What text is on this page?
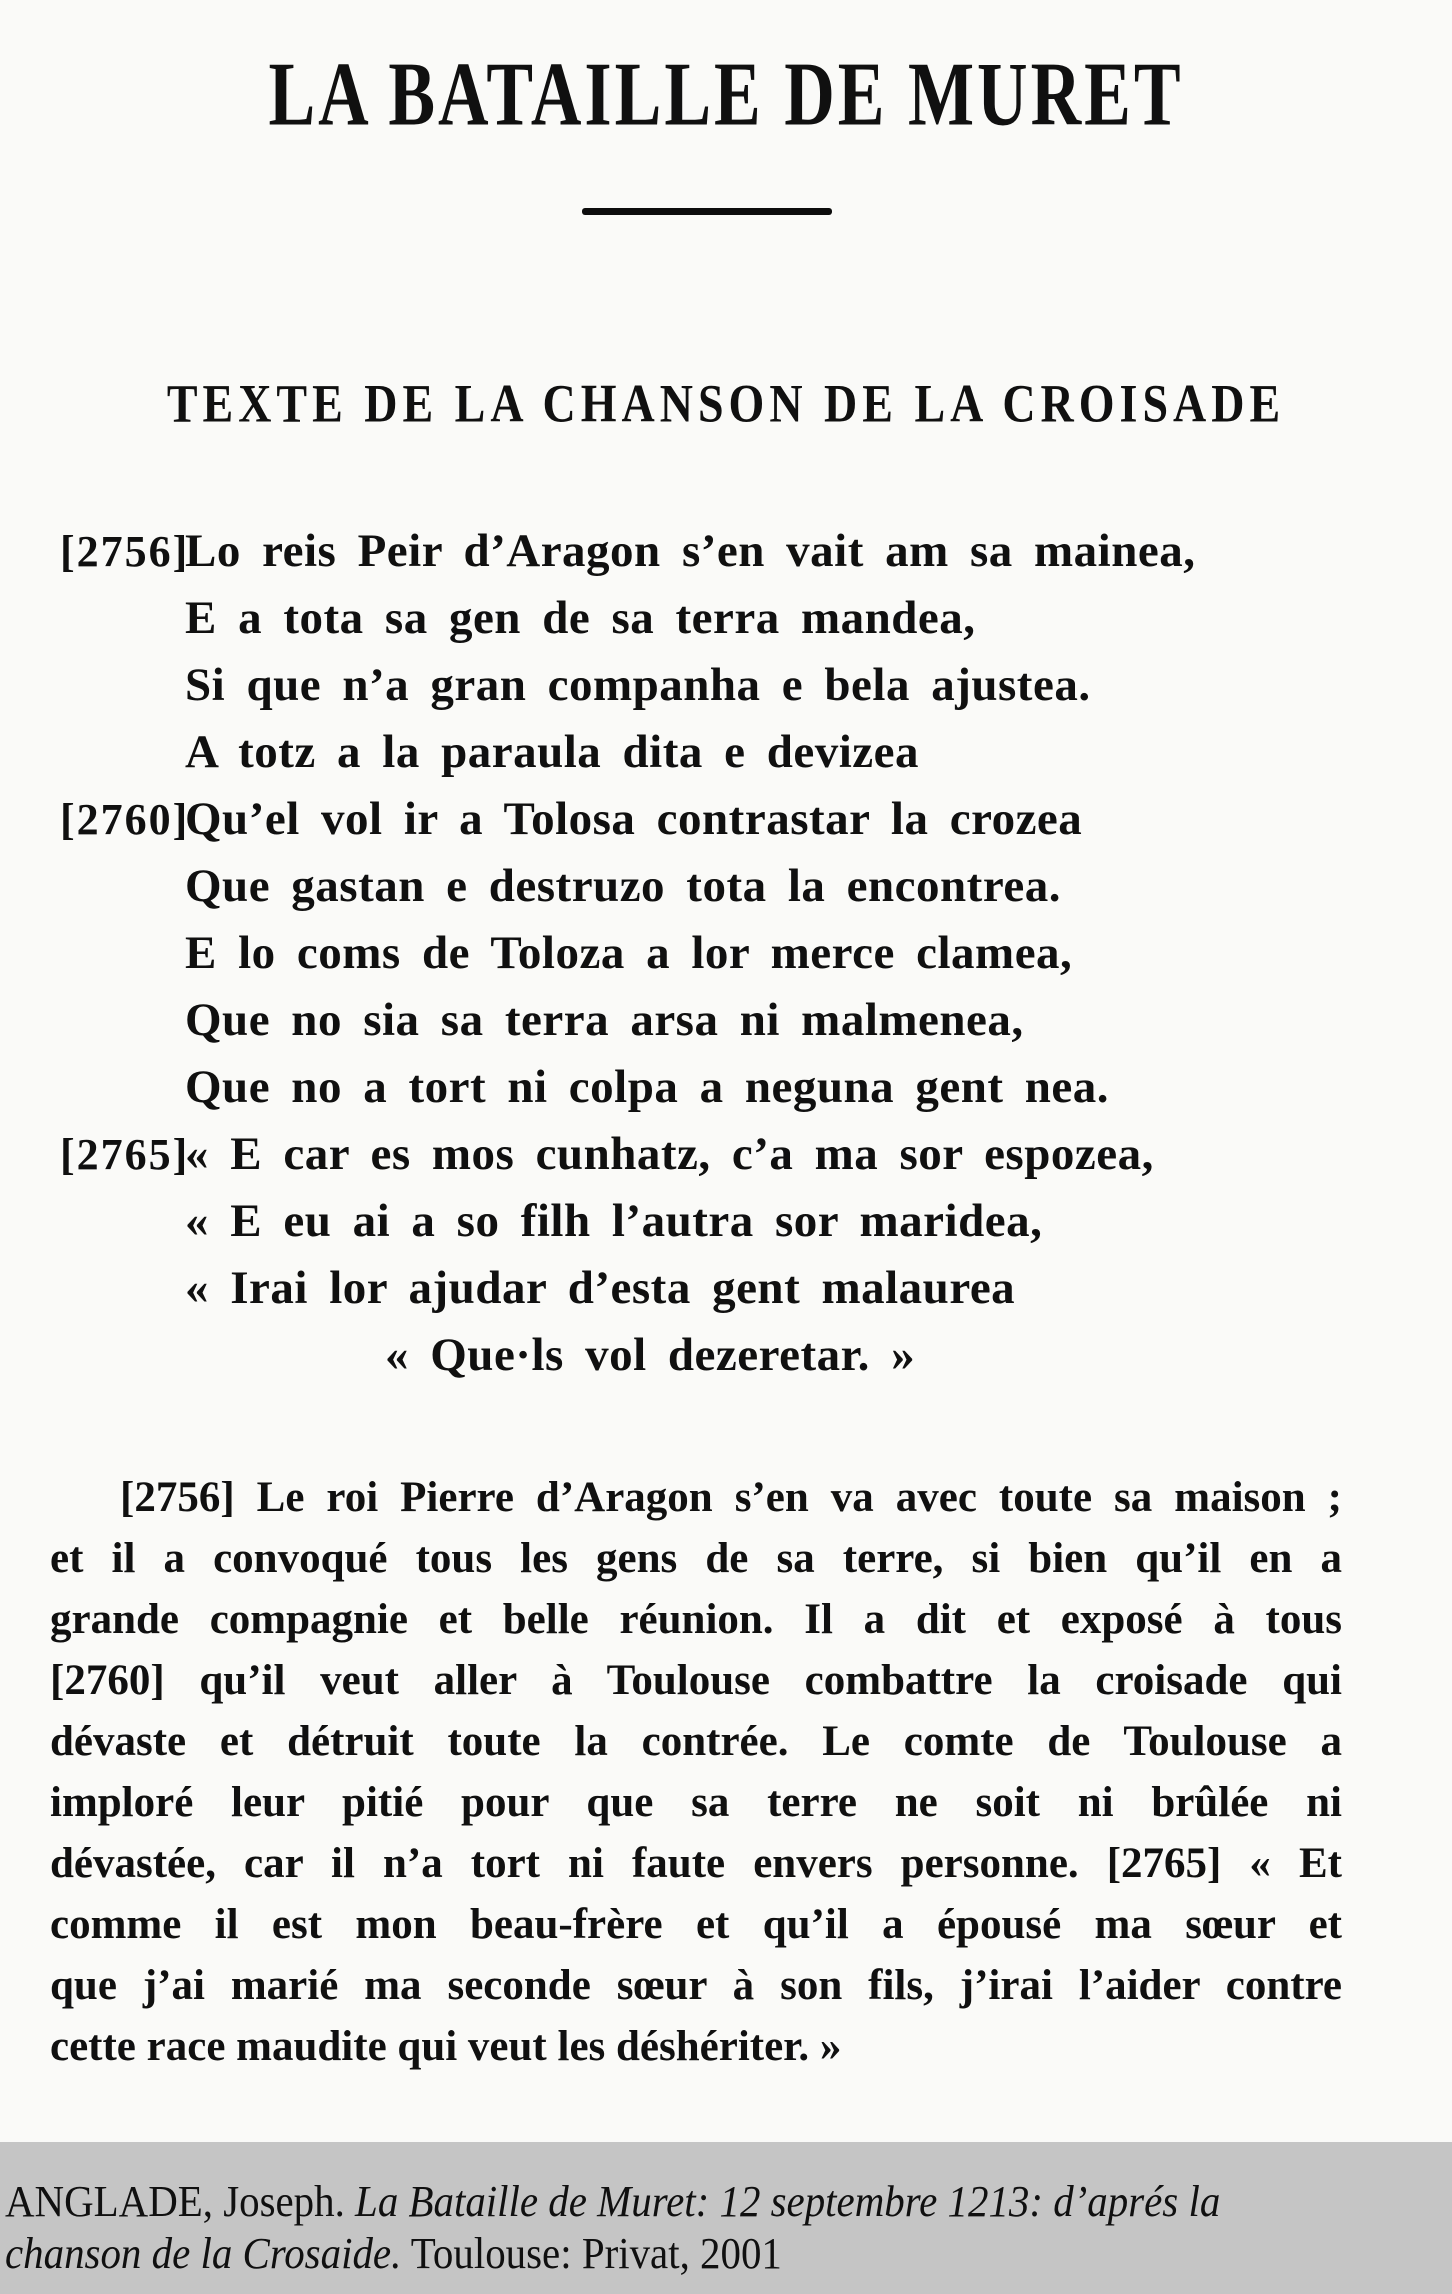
LA BATAILLE DE MURET
TEXTE DE LA CHANSON DE LA CROISADE
[2756]
Lo reis Peir d’Aragon s’en vait am sa mainea,
E a tota sa gen de sa terra mandea,
Si que n’a gran companha e bela ajustea.
A totz a la paraula dita e devizea
[2760]
Qu’el vol ir a Tolosa contrastar la crozea
Que gastan e destruzo tota la encontrea.
E lo coms de Toloza a lor merce clamea,
Que no sia sa terra arsa ni malmenea,
Que no a tort ni colpa a neguna gent nea.
[2765]
« E car es mos cunhatz, c’a ma sor espozea,
« E eu ai a so filh l’autra sor maridea,
« Irai lor ajudar d’esta gent malaurea
« Que·ls vol dezeretar. »
[2756] Le roi Pierre d’Aragon s’en va avec toute sa maison ;
et il a convoqué tous les gens de sa terre, si bien qu’il en a
grande compagnie et belle réunion. Il a dit et exposé à tous
[2760] qu’il veut aller à Toulouse combattre la croisade qui
dévaste et détruit toute la contrée. Le comte de Toulouse a
imploré leur pitié pour que sa terre ne soit ni brûlée ni
dévastée, car il n’a tort ni faute envers personne. [2765] « Et
comme il est mon beau-frère et qu’il a épousé ma sœur et
que j’ai marié ma seconde sœur à son fils, j’irai l’aider contre
cette race maudite qui veut les déshériter. »
ANGLADE, Joseph. La Bataille de Muret: 12 septembre 1213: d’aprés la
chanson de la Crosaide. Toulouse: Privat, 2001
